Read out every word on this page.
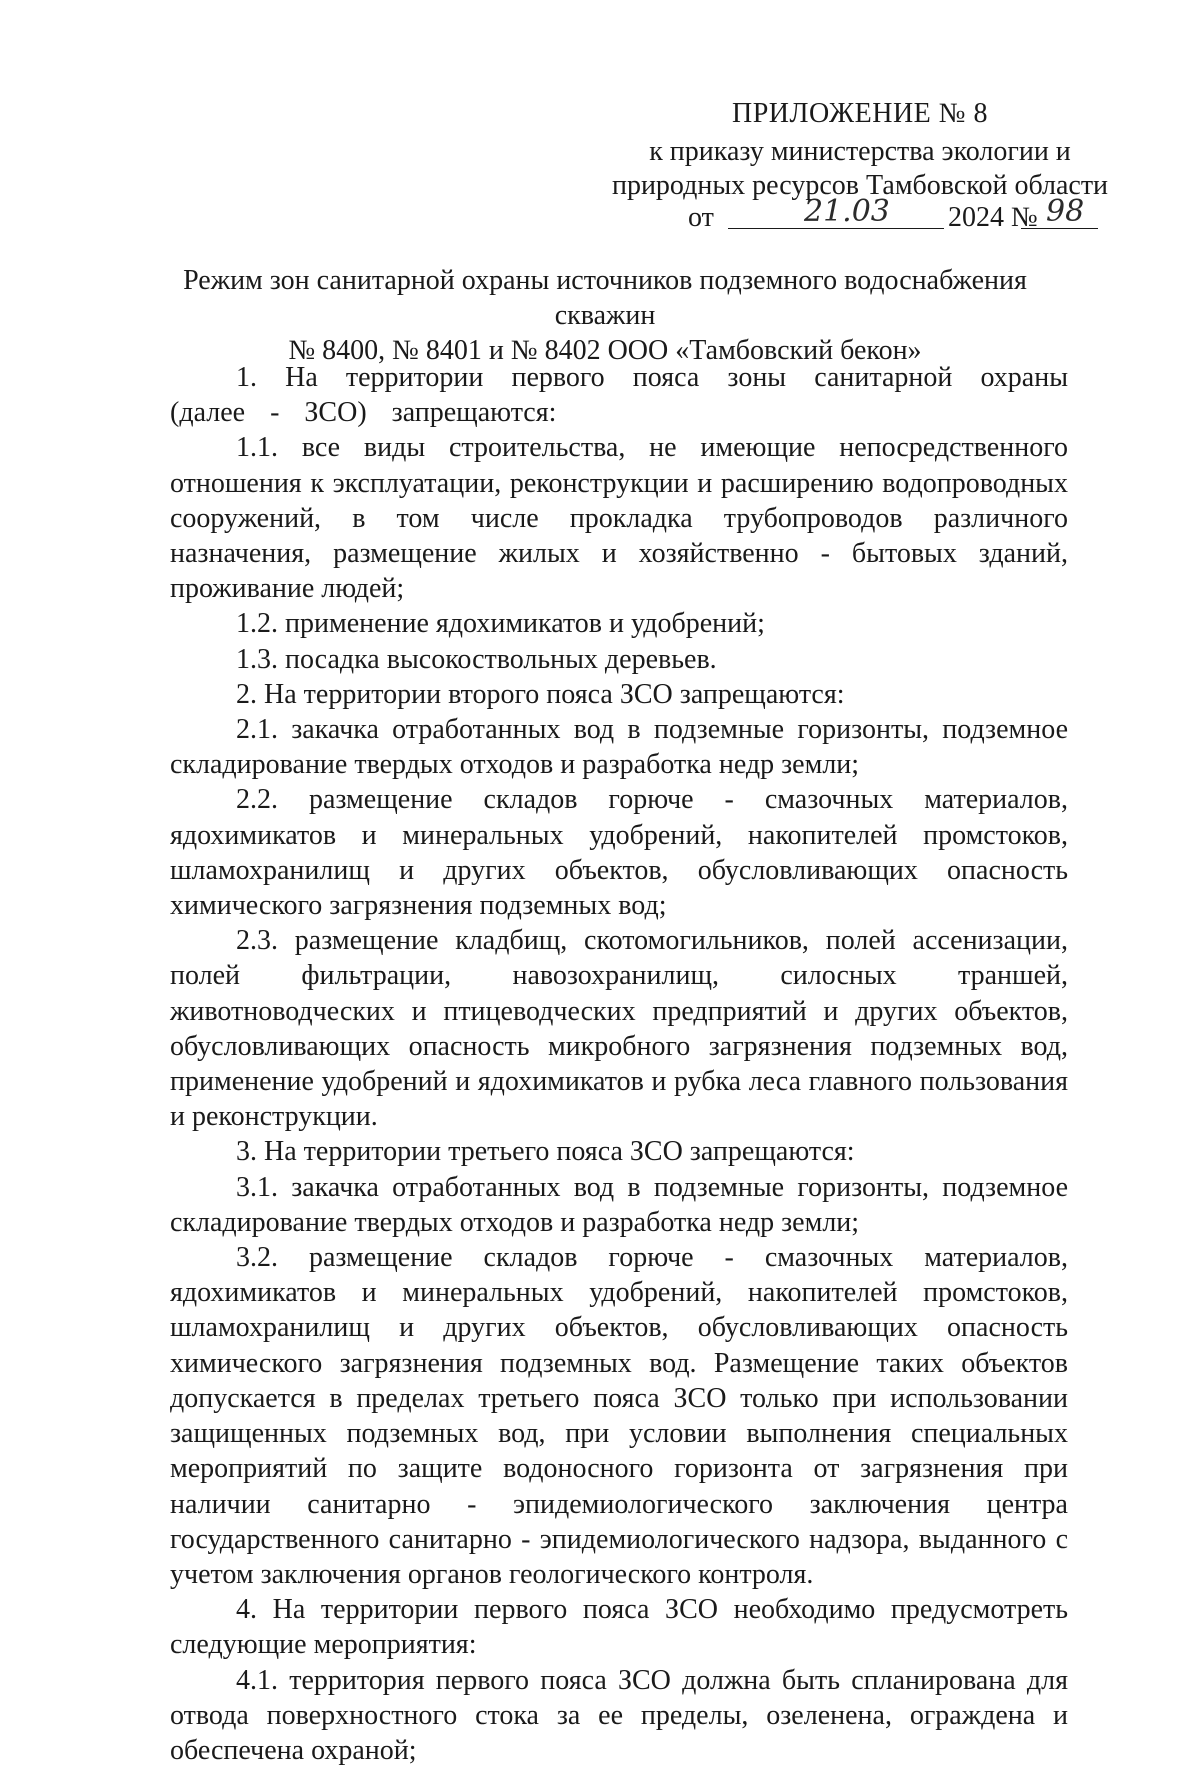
ПРИЛОЖЕНИЕ № 8
к приказу министерства экологии и
природных ресурсов Тамбовской области
от	21.03 2024 № 98
Режим зон санитарной охраны источников подземного водоснабжения скважин
№ 8400, № 8401 и № 8402 ООО «Тамбовский бекон»

1. На территории первого пояса зоны санитарной охраны (далее - ЗСО) запрещаются:

1.1. все виды строительства, не имеющие непосредственного отношения к эксплуатации, реконструкции и расширению водопроводных сооружений, в том числе прокладка трубопроводов различного назначения, размещение жилых и хозяйственно - бытовых зданий, проживание людей;

1.2. применение ядохимикатов и удобрений;

1.3. посадка высокоствольных деревьев.

2. На территории второго пояса ЗСО запрещаются:

2.1. закачка отработанных вод в подземные горизонты, подземное складирование твердых отходов и разработка недр земли;

2.2. размещение складов горюче - смазочных материалов, ядохимикатов и минеральных удобрений, накопителей промстоков, шламохранилищ и других объектов, обусловливающих опасность химического загрязнения подземных вод;

2.3. размещение кладбищ, скотомогильников, полей ассенизации, полей фильтрации, навозохранилищ, силосных траншей, животноводческих и птицеводческих предприятий и других объектов, обусловливающих опасность микробного загрязнения подземных вод, применение удобрений и ядохимикатов и рубка леса главного пользования и реконструкции.

3. На территории третьего пояса ЗСО запрещаются:

3.1. закачка отработанных вод в подземные горизонты, подземное складирование твердых отходов и разработка недр земли;

3.2. размещение складов горюче - смазочных материалов, ядохимикатов и минеральных удобрений, накопителей промстоков, шламохранилищ и других объектов, обусловливающих опасность химического загрязнения подземных вод. Размещение таких объектов допускается в пределах третьего пояса ЗСО только при использовании защищенных подземных вод, при условии выполнения специальных мероприятий по защите водоносного горизонта от загрязнения при наличии санитарно - эпидемиологического заключения центра государственного санитарно - эпидемиологического надзора, выданного с учетом заключения органов геологического контроля.

4. На территории первого пояса ЗСО необходимо предусмотреть следующие мероприятия:

4.1. территория первого пояса ЗСО должна быть спланирована для отвода поверхностного стока за ее пределы, озеленена, ограждена и обеспечена охраной;
